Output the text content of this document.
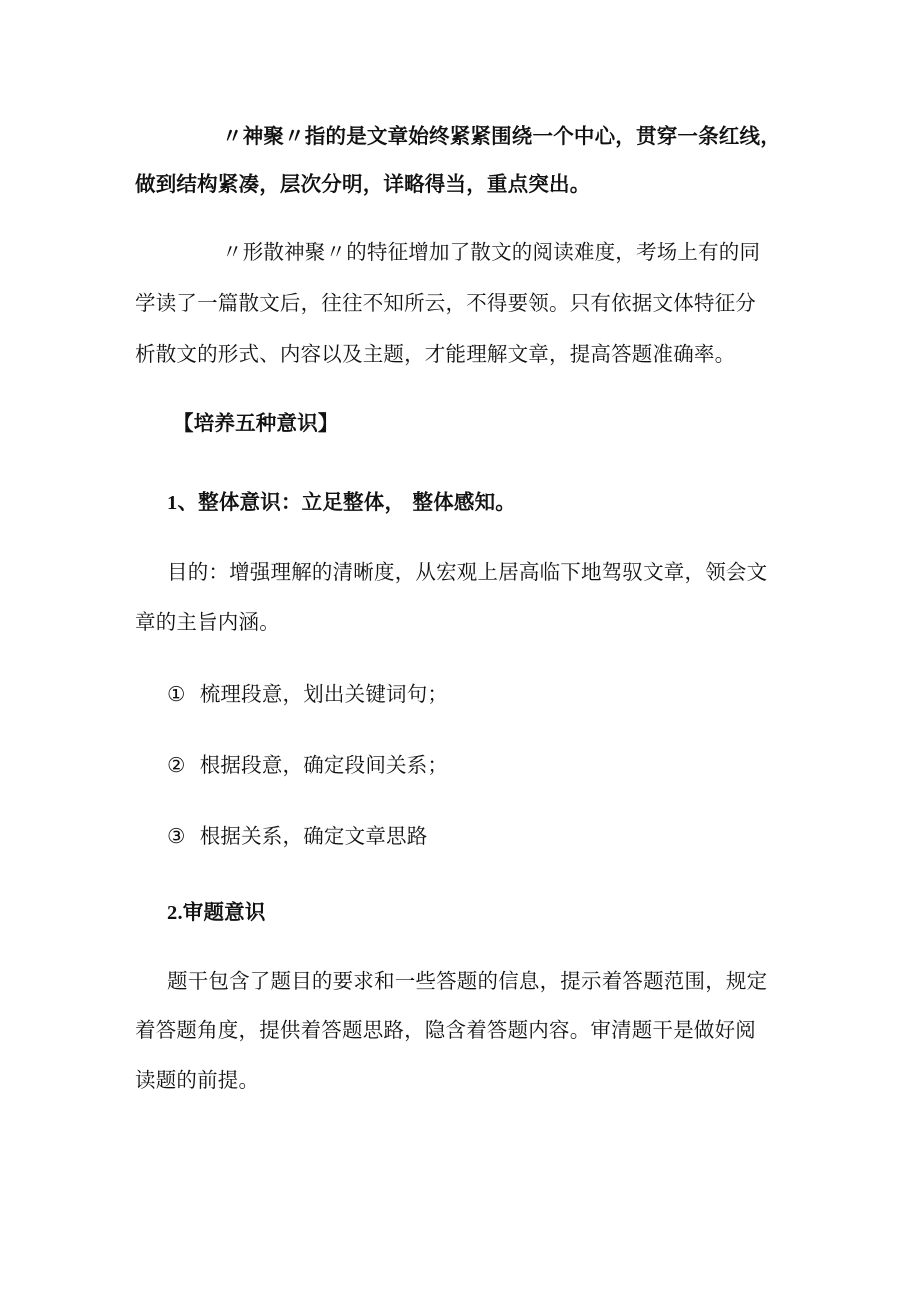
〃神聚〃指的是文章始终紧紧围绕一个中心，贯穿一条红线，
做到结构紧凑，层次分明，详略得当，重点突出。
〃形散神聚〃的特征增加了散文的阅读难度，考场上有的同
学读了一篇散文后，往往不知所云，不得要领。只有依据文体特征分
析散文的形式、内容以及主题，才能理解文章，提高答题准确率。
【培养五种意识】
1、整体意识：立足整体， 整体感知。
目的：增强理解的清晰度，从宏观上居高临下地驾驭文章，领会文
章的主旨内涵。
① 梳理段意，划出关键词句；
② 根据段意，确定段间关系；
③ 根据关系，确定文章思路
2.审题意识
题干包含了题目的要求和一些答题的信息，提示着答题范围，规定
着答题角度，提供着答题思路，隐含着答题内容。审清题干是做好阅
读题的前提。
